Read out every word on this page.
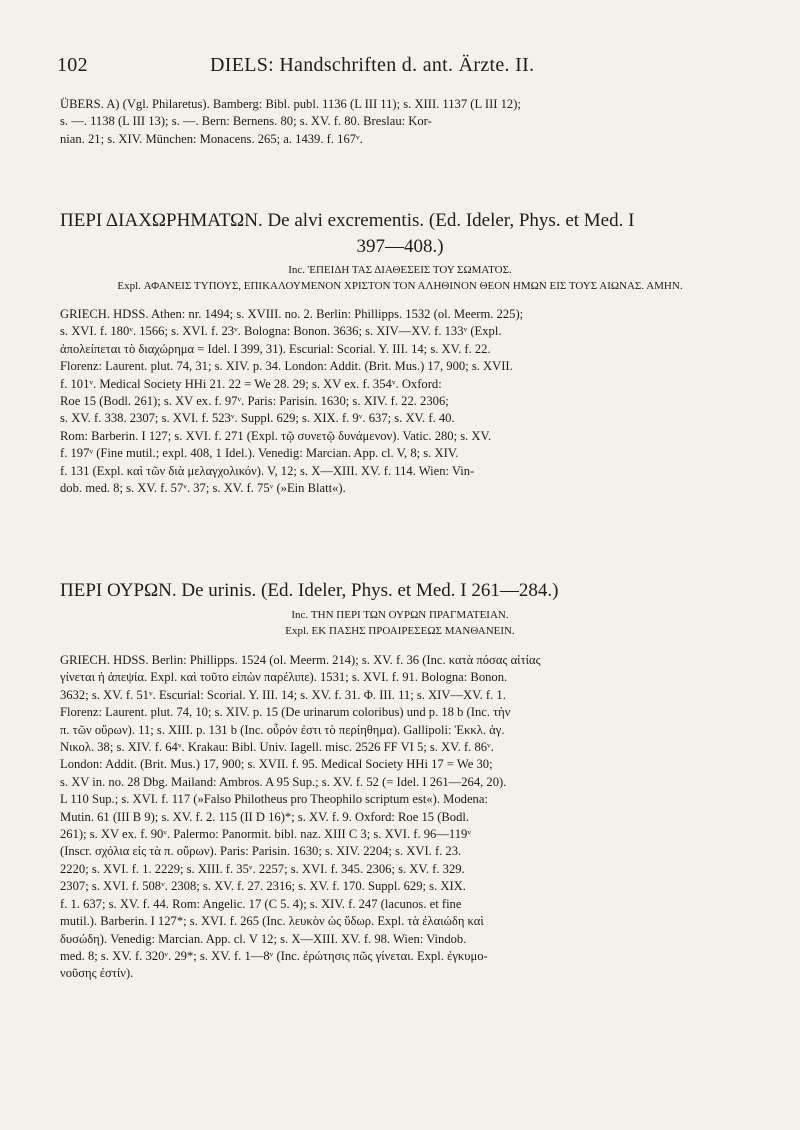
102	DIELS: Handschriften d. ant. Ärzte. II.
ÜBERS. A) (Vgl. Philaretus). Bamberg: Bibl. publ. 1136 (L III 11); s. XIII. 1137 (L III 12);
s. —. 1138 (L III 13); s. —. Bern: Bernens. 80; s. XV. f. 80. Breslau: Kor-
nian. 21; s. XIV. München: Monacens. 265; a. 1439. f. 167ᵛ.
ΠΕΡΙ ΔΙΑΧΩΡΗΜΑΤΩΝ. De alvi excrementis. (Ed. Ideler, Phys. et Med. I
397—408.)
Inc. ἘΠΕΙΔΗ ΤΑΣ ΔΙΑΘΕΣΕΙΣ ΤΟΥ ΣΩΜΑΤΟΣ.
Expl. ΑΦΑΝΕΙΣ ΤΥΠΟΥΣ, ΕΠΙΚΑΛΟΥΜΕΝΟΝ ΧΡΙΣΤΟΝ ΤΟΝ ΑΛΗΘΙΝΟΝ ΘΕΟΝ ΗΜΩΝ ΕΙΣ ΤΟΥΣ ΑΙΩΝΑΣ. ΑΜΗΝ.
GRIECH. HDSS. Athen: nr. 1494; s. XVIII. no. 2. Berlin: Phillipps. 1532 (ol. Meerm. 225);
s. XVI. f. 180ᵛ. 1566; s. XVI. f. 23ᵛ. Bologna: Bonon. 3636; s. XIV—XV. f. 133ᵛ (Expl.
ἀπολείπεται τὸ διαχώρημα = Idel. I 399, 31). Escurial: Scorial. Y. III. 14; s. XV. f. 22.
Florenz: Laurent. plut. 74, 31; s. XIV. p. 34. London: Addit. (Brit. Mus.) 17, 900; s. XVII.
f. 101ᵛ. Medical Society HHi 21. 22 = We 28. 29; s. XV ex. f. 354ᵛ. Oxford:
Roe 15 (Bodl. 261); s. XV ex. f. 97ᵛ. Paris: Parisin. 1630; s. XIV. f. 22. 2306;
s. XV. f. 338. 2307; s. XVI. f. 523ᵛ. Suppl. 629; s. XIX. f. 9ᵛ. 637; s. XV. f. 40.
Rom: Barberin. I 127; s. XVI. f. 271 (Expl. τῷ συνετῷ δυνάμενον). Vatic. 280; s. XV.
f. 197ᵛ (Fine mutil.; expl. 408, 1 Idel.). Venedig: Marcian. App. cl. V, 8; s. XIV.
f. 131 (Expl. καὶ τῶν διὰ μελαγχολικόν). V, 12; s. X—XIII. XV. f. 114. Wien: Vin-
dob. med. 8; s. XV. f. 57ᵛ. 37; s. XV. f. 75ᵛ (»Ein Blatt«).
ΠΕΡΙ ΟΥΡΩΝ. De urinis. (Ed. Ideler, Phys. et Med. I 261—284.)
Inc. ΤΗΝ ΠΕΡΙ ΤΩΝ ΟΥΡΩΝ ΠΡΑΓΜΑΤΕΙΑΝ.
Expl. ΕΚ ΠΑΣΗΣ ΠΡΟΑΙΡΕΣΕΩΣ ΜΑΝΘΑΝΕΙΝ.
GRIECH. HDSS. Berlin: Phillipps. 1524 (ol. Meerm. 214); s. XV. f. 36 (Inc. κατὰ πόσας αἰτίας
γίνεται ἡ ἀπεψία. Expl. καὶ τοῦτο εἰπὼν παρέλιπε). 1531; s. XVI. f. 91. Bologna: Bonon.
3632; s. XV. f. 51ᵛ. Escurial: Scorial. Y. III. 14; s. XV. f. 31. Φ. III. 11; s. XIV—XV. f. 1.
Florenz: Laurent. plut. 74, 10; s. XIV. p. 15 (De urinarum coloribus) und p. 18 b (Inc. τὴν
π. τῶν οὔρων). 11; s. XIII. p. 131 b (Inc. οὖρόν ἐστι τὸ περίηθημα). Gallipoli: Ἑκκλ. ἁγ.
Νικολ. 38; s. XIV. f. 64ᵛ. Krakau: Bibl. Univ. Iagell. misc. 2526 FF VI 5; s. XV. f. 86ᵛ.
London: Addit. (Brit. Mus.) 17, 900; s. XVII. f. 95. Medical Society HHi 17 = We 30;
s. XV in. no. 28 Dbg. Mailand: Ambros. A 95 Sup.; s. XV. f. 52 (= Idel. I 261—264, 20).
L 110 Sup.; s. XVI. f. 117 (»Falso Philotheus pro Theophilo scriptum est«). Modena:
Mutin. 61 (III B 9); s. XV. f. 2. 115 (II D 16)*; s. XV. f. 9. Oxford: Roe 15 (Bodl.
261); s. XV ex. f. 90ᵛ. Palermo: Panormit. bibl. naz. XIII C 3; s. XVI. f. 96—119ᵛ
(Inscr. σχόλια εἰς τὰ π. οὔρων). Paris: Parisin. 1630; s. XIV. 2204; s. XVI. f. 23.
2220; s. XVI. f. 1. 2229; s. XIII. f. 35ᵛ. 2257; s. XVI. f. 345. 2306; s. XV. f. 329.
2307; s. XVI. f. 508ᵛ. 2308; s. XV. f. 27. 2316; s. XV. f. 170. Suppl. 629; s. XIX.
f. 1. 637; s. XV. f. 44. Rom: Angelic. 17 (C 5. 4); s. XIV. f. 247 (lacunos. et fine
mutil.). Barberin. I 127*; s. XVI. f. 265 (Inc. λευκὸν ὡς ὕδωρ. Expl. τὰ ἐλαιώδη καὶ
δυσώδη). Venedig: Marcian. App. cl. V 12; s. X—XIII. XV. f. 98. Wien: Vindob.
med. 8; s. XV. f. 320ᵛ. 29*; s. XV. f. 1—8ᵛ (Inc. ἐρώτησις πῶς γίνεται. Expl. ἐγκυμο-
νοῦσης ἐστίν).
